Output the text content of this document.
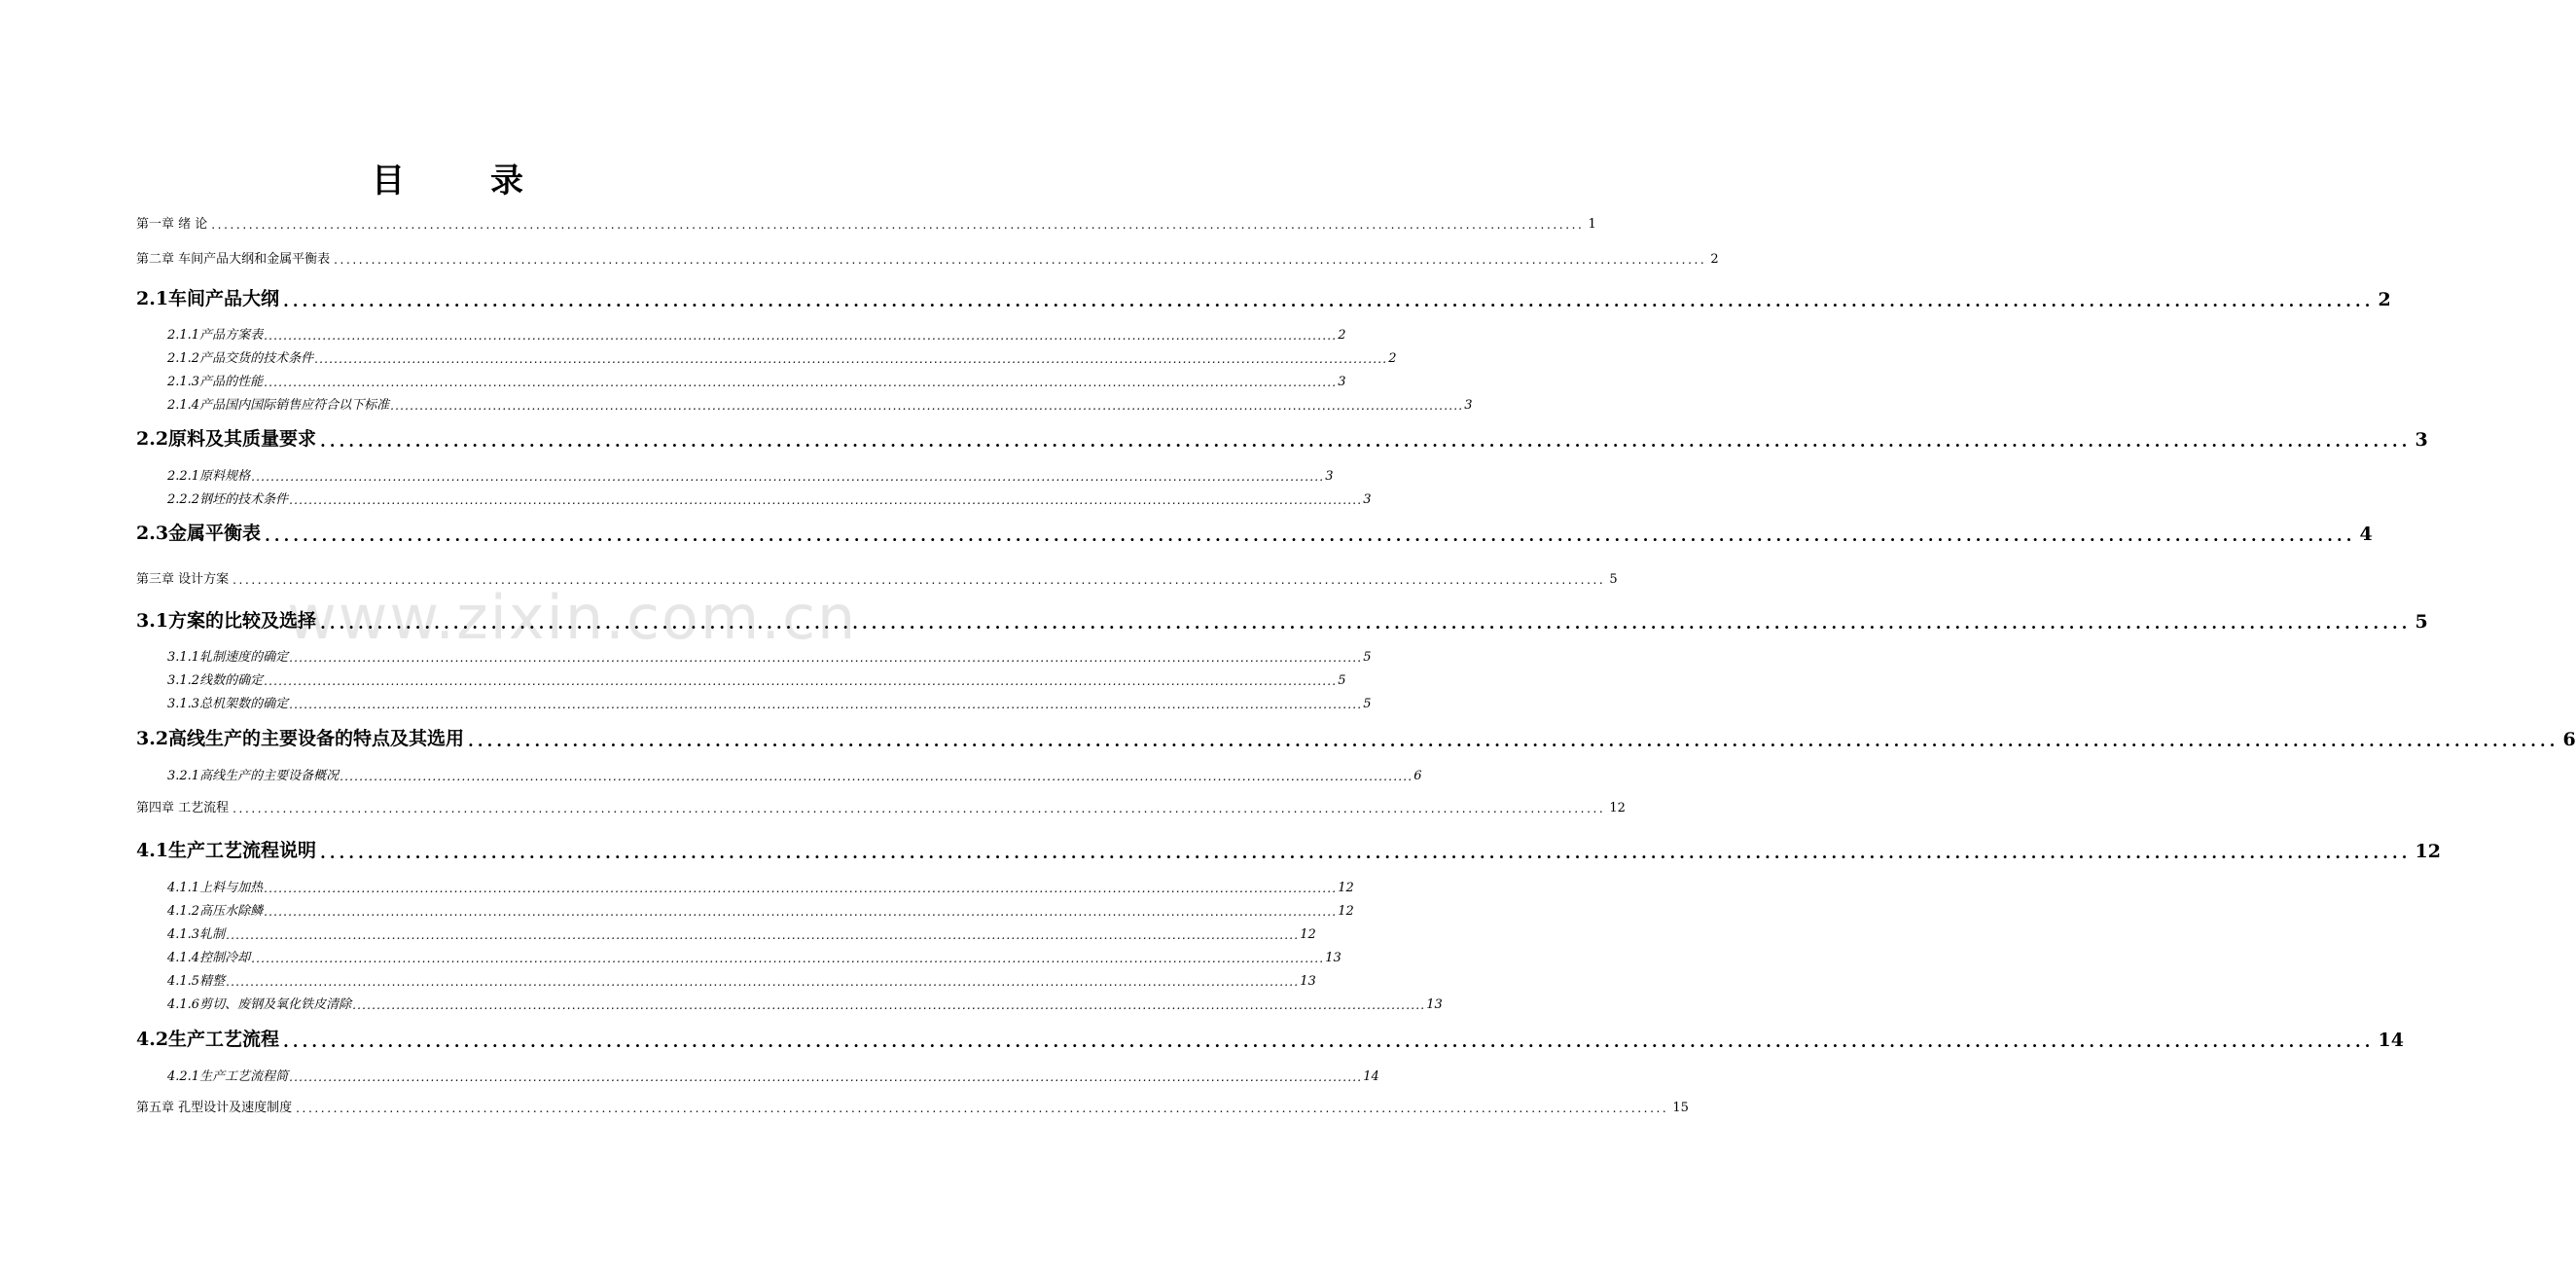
www.zixin.com.cn
目	录
第一章 绪 论 ............................................................................................................................................................................................................................ 1
第二章 车间产品大纲和金属平衡表 ............................................................................................................................................................................................................................ 2
2.1车间产品大纲 ............................................................................................................................................................................................................................ 2
2.1.1产品方案表 ............................................................................................................................................................................................................................ 2
2.1.2产品交货的技术条件 ............................................................................................................................................................................................................................ 2
2.1.3产品的性能 ............................................................................................................................................................................................................................ 3
2.1.4产品国内国际销售应符合以下标准 ............................................................................................................................................................................................................................ 3
2.2原料及其质量要求 ............................................................................................................................................................................................................................ 3
2.2.1原料规格 ............................................................................................................................................................................................................................ 3
2.2.2钢坯的技术条件 ............................................................................................................................................................................................................................ 3
2.3金属平衡表 ............................................................................................................................................................................................................................ 4
第三章 设计方案 ............................................................................................................................................................................................................................ 5
3.1方案的比较及选择 ............................................................................................................................................................................................................................ 5
3.1.1轧制速度的确定 ............................................................................................................................................................................................................................ 5
3.1.2线数的确定 ............................................................................................................................................................................................................................ 5
3.1.3总机架数的确定 ............................................................................................................................................................................................................................ 5
3.2高线生产的主要设备的特点及其选用 ............................................................................................................................................................................................................................ 6
3.2.1高线生产的主要设备概况 ............................................................................................................................................................................................................................ 6
第四章 工艺流程 ............................................................................................................................................................................................................................ 12
4.1生产工艺流程说明 ............................................................................................................................................................................................................................ 12
4.1.1上料与加热 ............................................................................................................................................................................................................................ 12
4.1.2高压水除鳞 ............................................................................................................................................................................................................................ 12
4.1.3轧制 ............................................................................................................................................................................................................................ 12
4.1.4控制冷却 ............................................................................................................................................................................................................................ 13
4.1.5精整 ............................................................................................................................................................................................................................ 13
4.1.6剪切、废钢及氧化铁皮清除 ............................................................................................................................................................................................................................ 13
4.2生产工艺流程 ............................................................................................................................................................................................................................ 14
4.2.1生产工艺流程简 ............................................................................................................................................................................................................................ 14
第五章 孔型设计及速度制度 ............................................................................................................................................................................................................................ 15
